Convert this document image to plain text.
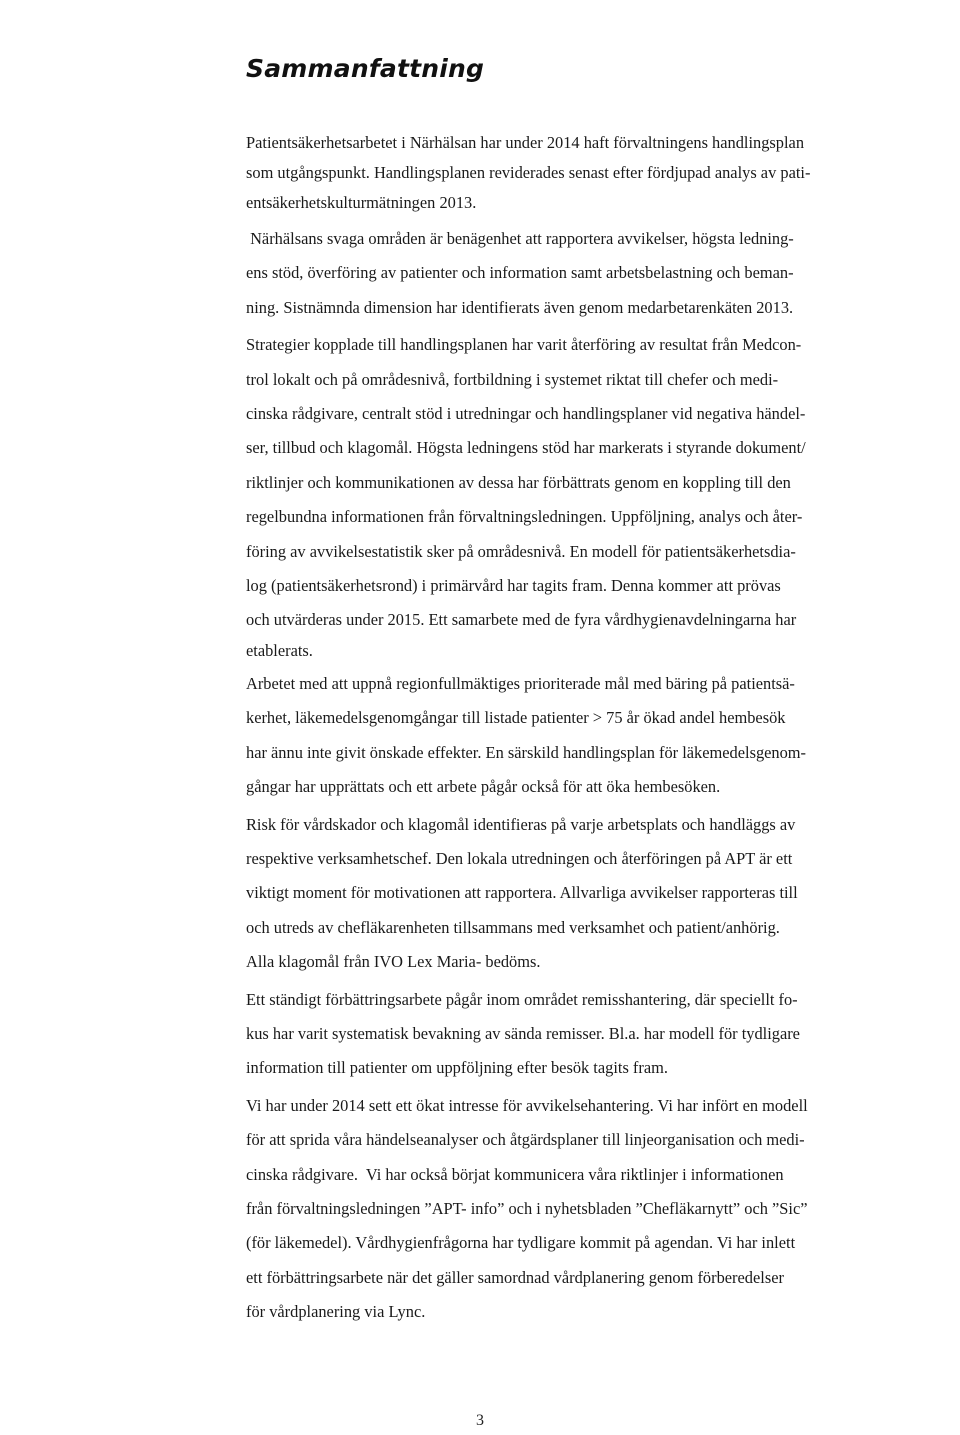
Sammanfattning
Patientsäkerhetsarbetet i Närhälsan har under 2014 haft förvaltningens handlingsplan
som utgångspunkt. Handlingsplanen reviderades senast efter fördjupad analys av pati-
entsäkerhetskulturmätningen 2013.
Närhälsans svaga områden är benägenhet att rapportera avvikelser, högsta ledning-
ens stöd, överföring av patienter och information samt arbetsbelastning och beman-
ning. Sistnämnda dimension har identifierats även genom medarbetarenkäten 2013.
Strategier kopplade till handlingsplanen har varit återföring av resultat från Medcon-
trol lokalt och på områdesnivå, fortbildning i systemet riktat till chefer och medi-
cinska rådgivare, centralt stöd i utredningar och handlingsplaner vid negativa händel-
ser, tillbud och klagomål. Högsta ledningens stöd har markerats i styrande dokument/
riktlinjer och kommunikationen av dessa har förbättrats genom en koppling till den
regelbundna informationen från förvaltningsledningen. Uppföljning, analys och åter-
föring av avvikelsestatistik sker på områdesnivå. En modell för patientsäkerhetsdia-
log (patientsäkerhetsrond) i primärvård har tagits fram. Denna kommer att prövas
och utvärderas under 2015. Ett samarbete med de fyra vårdhygienavdelningarna har
etablerats.
Arbetet med att uppnå regionfullmäktiges prioriterade mål med bäring på patientsä-
kerhet, läkemedelsgenomgångar till listade patienter > 75 år ökad andel hembesök
har ännu inte givit önskade effekter. En särskild handlingsplan för läkemedelsgenom-
gångar har upprättats och ett arbete pågår också för att öka hembesöken.
Risk för vårdskador och klagomål identifieras på varje arbetsplats och handläggs av
respektive verksamhetschef. Den lokala utredningen och återföringen på APT är ett
viktigt moment för motivationen att rapportera. Allvarliga avvikelser rapporteras till
och utreds av chefläkarenheten tillsammans med verksamhet och patient/anhörig.
Alla klagomål från IVO Lex Maria- bedöms.
Ett ständigt förbättringsarbete pågår inom området remisshantering, där speciellt fo-
kus har varit systematisk bevakning av sända remisser. Bl.a. har modell för tydligare
information till patienter om uppföljning efter besök tagits fram.
Vi har under 2014 sett ett ökat intresse för avvikelsehantering. Vi har infört en modell
för att sprida våra händelseanalyser och åtgärdsplaner till linjeorganisation och medi-
cinska rådgivare.  Vi har också börjat kommunicera våra riktlinjer i informationen
från förvaltningsledningen ”APT- info” och i nyhetsbladen ”Chefläkarnytt” och ”Sic”
(för läkemedel). Vårdhygienfrågorna har tydligare kommit på agendan. Vi har inlett
ett förbättringsarbete när det gäller samordnad vårdplanering genom förberedelser
för vårdplanering via Lync.

3
